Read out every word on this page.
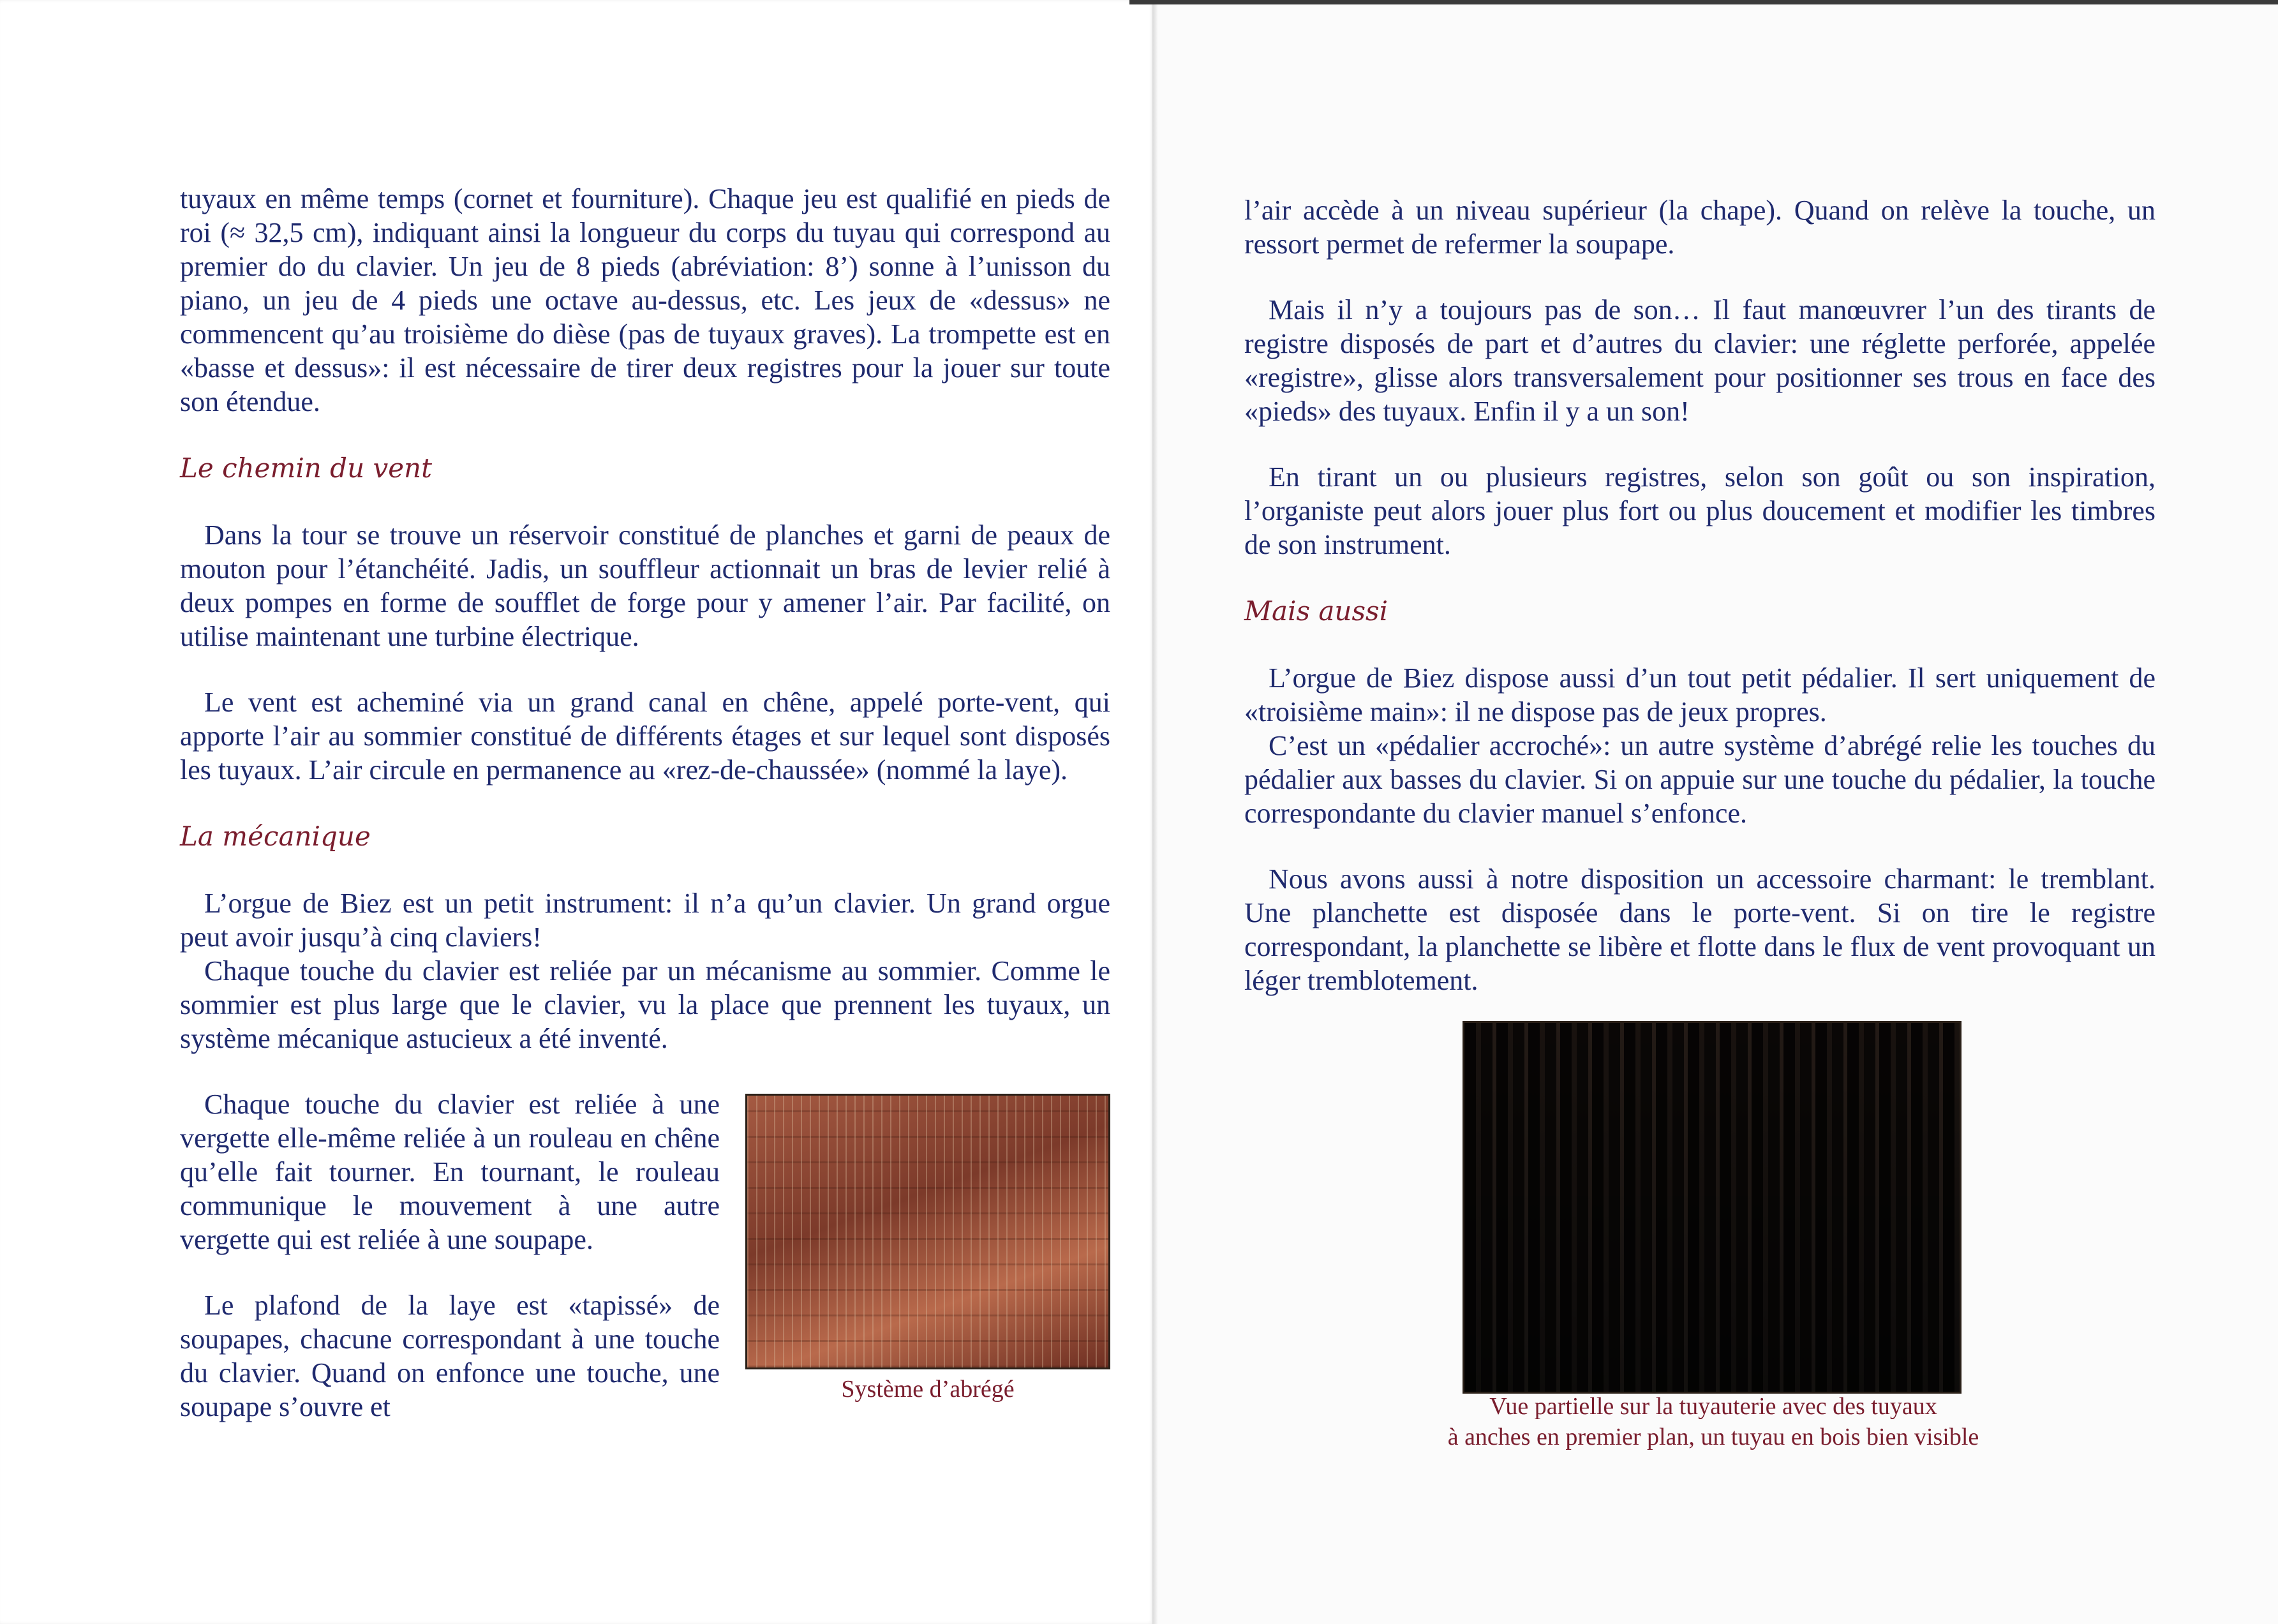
tuyaux en même temps (cornet et fourniture). Chaque jeu est qualifié en pieds de roi (≈ 32,5 cm), indiquant ainsi la longueur du corps du tuyau qui correspond au premier do du clavier. Un jeu de 8 pieds (abréviation: 8’) sonne à l’unisson du piano, un jeu de 4 pieds une octave au-dessus, etc. Les jeux de «dessus» ne commencent qu’au troisième do dièse (pas de tuyaux graves). La trompette est en «basse et dessus»: il est nécessaire de tirer deux registres pour la jouer sur toute son étendue.

Le chemin du vent

Dans la tour se trouve un réservoir constitué de planches et garni de peaux de mouton pour l’étanchéité. Jadis, un souffleur actionnait un bras de levier relié à deux pompes en forme de soufflet de forge pour y amener l’air. Par facilité, on utilise maintenant une turbine électrique.

Le vent est acheminé via un grand canal en chêne, appelé porte-vent, qui apporte l’air au sommier constitué de différents étages et sur lequel sont disposés les tuyaux. L’air circule en permanence au «rez-de-chaussée» (nommé la laye).

La mécanique

L’orgue de Biez est un petit instrument: il n’a qu’un clavier. Un grand orgue peut avoir jusqu’à cinq claviers!

Chaque touche du clavier est reliée par un mécanisme au sommier. Comme le sommier est plus large que le clavier, vu la place que prennent les tuyaux, un système mécanique astucieux a été inventé.

Système d’abrégé

Chaque touche du clavier est reliée à une vergette elle-même reliée à un rouleau en chêne qu’elle fait tourner. En tournant, le rouleau communique le mouvement à une autre vergette qui est reliée à une soupape.

Le plafond de la laye est «tapissé» de soupapes, chacune correspondant à une touche du clavier. Quand on enfonce une touche, une soupape s’ouvre et

l’air accède à un niveau supérieur (la chape). Quand on relève la touche, un ressort permet de refermer la soupape.

Mais il n’y a toujours pas de son… Il faut manœuvrer l’un des tirants de registre disposés de part et d’autres du clavier: une réglette perforée, appelée «registre», glisse alors transversalement pour positionner ses trous en face des «pieds» des tuyaux. Enfin il y a un son!

En tirant un ou plusieurs registres, selon son goût ou son inspiration, l’organiste peut alors jouer plus fort ou plus doucement et modifier les timbres de son instrument.

Mais aussi

L’orgue de Biez dispose aussi d’un tout petit pédalier. Il sert uniquement de «troisième main»: il ne dispose pas de jeux propres.

C’est un «pédalier accroché»: un autre système d’abrégé relie les touches du pédalier aux basses du clavier. Si on appuie sur une touche du pédalier, la touche correspondante du clavier manuel s’enfonce.

Nous avons aussi à notre disposition un accessoire charmant: le tremblant. Une planchette est disposée dans le porte-vent. Si on tire le registre correspondant, la planchette se libère et flotte dans le flux de vent provoquant un léger tremblotement.

Vue partielle sur la tuyauterie avec des tuyaux
à anches en premier plan, un tuyau en bois bien visible
